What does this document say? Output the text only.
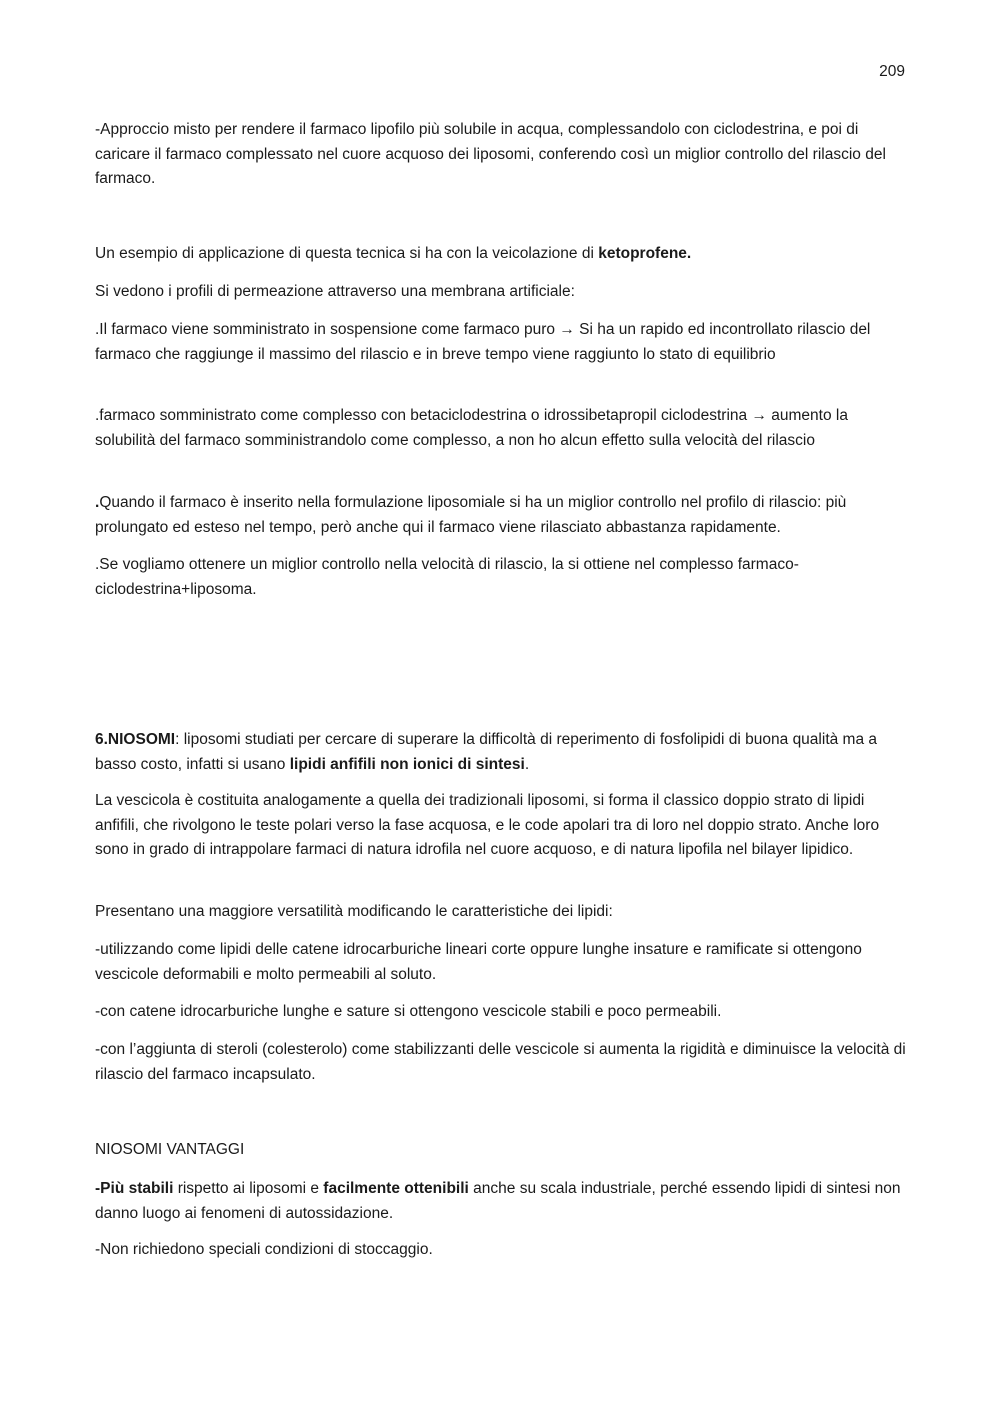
209

-Approccio misto per rendere il farmaco lipofilo più solubile in acqua, complessandolo con ciclodestrina, e poi di caricare il farmaco complessato nel cuore acquoso dei liposomi, conferendo così un miglior controllo del rilascio del farmaco.

Un esempio di applicazione di questa tecnica si ha con la veicolazione di ketoprofene.

Si vedono i profili di permeazione attraverso una membrana artificiale:

.Il farmaco viene somministrato in sospensione come farmaco puro → Si ha un rapido ed incontrollato rilascio del farmaco che raggiunge il massimo del rilascio e in breve tempo viene raggiunto lo stato di equilibrio

.farmaco somministrato come complesso con betaciclodestrina o idrossibetapropil ciclodestrina → aumento la solubilità del farmaco somministrandolo come complesso, a non ho alcun effetto sulla velocità del rilascio

.Quando il farmaco è inserito nella formulazione liposomiale si ha un miglior controllo nel profilo di rilascio: più prolungato ed esteso nel tempo, però anche qui il farmaco viene rilasciato abbastanza rapidamente.

.Se vogliamo ottenere un miglior controllo nella velocità di rilascio, la si ottiene nel complesso farmaco-ciclodestrina+liposoma.

6.NIOSOMI: liposomi studiati per cercare di superare la difficoltà di reperimento di fosfolipidi di buona qualità ma a basso costo, infatti si usano lipidi anfifili non ionici di sintesi.

La vescicola è costituita analogamente a quella dei tradizionali liposomi, si forma il classico doppio strato di lipidi anfifili, che rivolgono le teste polari verso la fase acquosa, e le code apolari tra di loro nel doppio strato. Anche loro sono in grado di intrappolare farmaci di natura idrofila nel cuore acquoso, e di natura lipofila nel bilayer lipidico.

Presentano una maggiore versatilità modificando le caratteristiche dei lipidi:

-utilizzando come lipidi delle catene idrocarburiche lineari corte oppure lunghe insature e ramificate si ottengono vescicole deformabili e molto permeabili al soluto.

-con catene idrocarburiche lunghe e sature si ottengono vescicole stabili e poco permeabili.

-con l’aggiunta di steroli (colesterolo) come stabilizzanti delle vescicole si aumenta la rigidità e diminuisce la velocità di rilascio del farmaco incapsulato.

NIOSOMI VANTAGGI

-Più stabili rispetto ai liposomi e facilmente ottenibili anche su scala industriale, perché essendo lipidi di sintesi non danno luogo ai fenomeni di autossidazione.

-Non richiedono speciali condizioni di stoccaggio.
